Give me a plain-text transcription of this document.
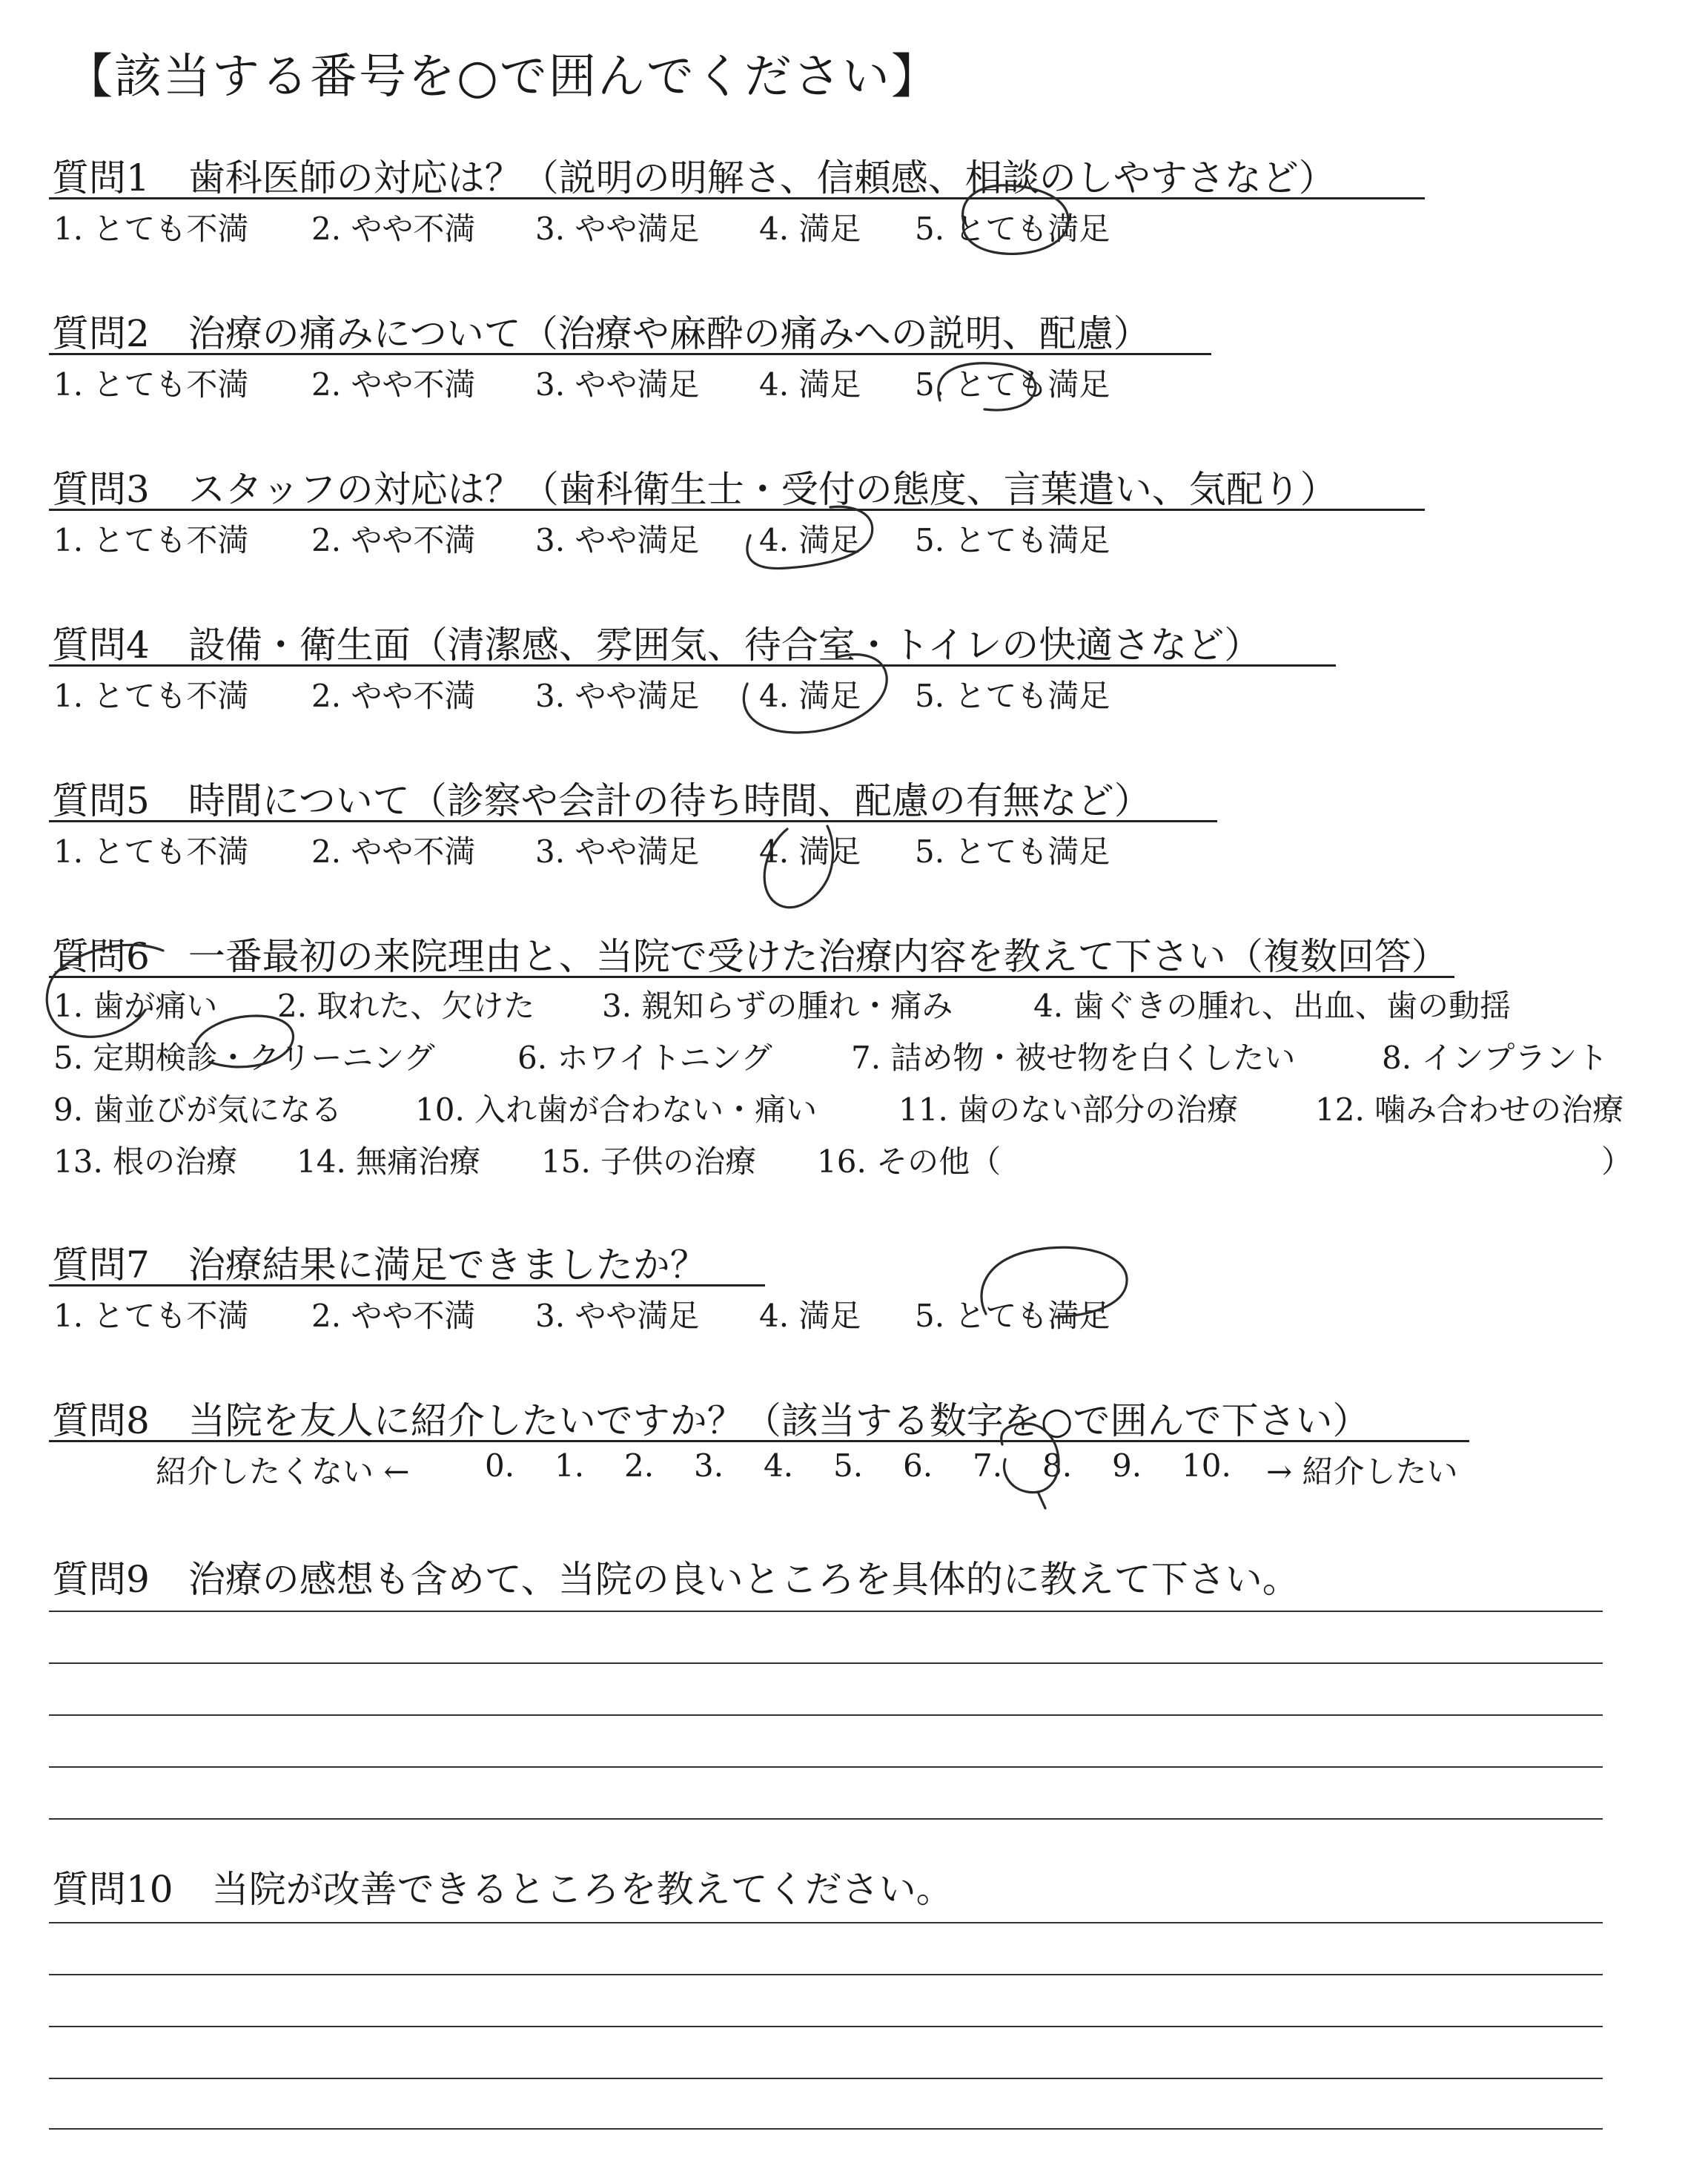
【該当する番号を○で囲んでください】
質問1 歯科医師の対応は？（説明の明解さ、信頼感、相談のしやすさなど）
1. とても不満 2. やや不満 3. やや満足 4. 満足 5. とても満足
質問2 治療の痛みについて（治療や麻酔の痛みへの説明、配慮）
1. とても不満 2. やや不満 3. やや満足 4. 満足 5. とても満足
質問3 スタッフの対応は？（歯科衛生士・受付の態度、言葉遣い、気配り）
1. とても不満 2. やや不満 3. やや満足 4. 満足 5. とても満足
質問4 設備・衛生面（清潔感、雰囲気、待合室・トイレの快適さなど）
1. とても不満 2. やや不満 3. やや満足 4. 満足 5. とても満足
質問5 時間について（診察や会計の待ち時間、配慮の有無など）
1. とても不満 2. やや不満 3. やや満足 4. 満足 5. とても満足
質問6 一番最初の来院理由と、当院で受けた治療内容を教えて下さい（複数回答）
1. 歯が痛い 2. 取れた、欠けた 3. 親知らずの腫れ・痛み	4. 歯ぐきの腫れ、出血、歯の動揺
5. 定期検診・クリーニング	6. ホワイトニング	7. 詰め物・被せ物を白くしたい	8. インプラント
9. 歯並びが気になる 10. 入れ歯が合わない・痛い	11. 歯のない部分の治療 12. 噛み合わせの治療
13. 根の治療 14. 無痛治療 15. 子供の治療 16. その他（	）
質問7 治療結果に満足できましたか？
1. とても不満 2. やや不満 3. やや満足 4. 満足 5. とても満足
質問8 当院を友人に紹介したいですか？（該当する数字を○で囲んで下さい）
紹介したくない ← 0. 1. 2. 3. 4. 5. 6. 7. 8. 9. 10. → 紹介したい
質問9 治療の感想も含めて、当院の良いところを具体的に教えて下さい。
質問10 当院が改善できるところを教えてください。
